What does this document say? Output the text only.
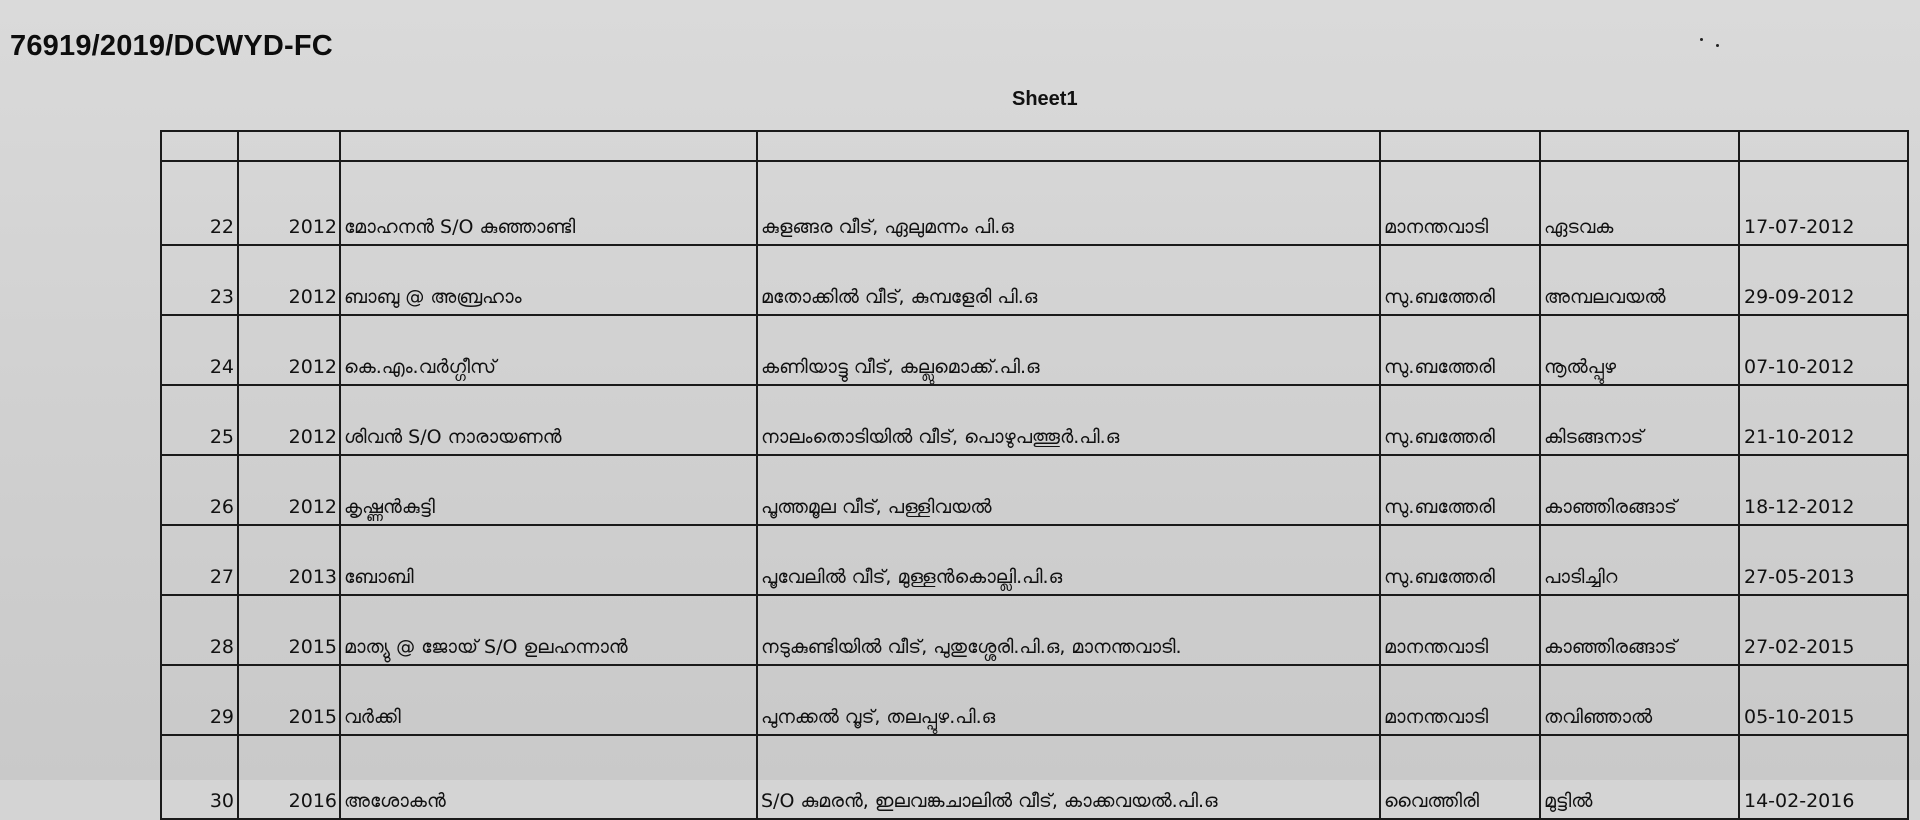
76919/2019/DCWYD-FC
Sheet1

22	2012	മോഹനൻ S/O കുഞ്ഞാണ്ടി	കുളങ്ങര വീട്, ഏലുമന്നം പി.ഒ	മാനന്തവാടി	ഏടവക	17-07-2012
23	2012	ബാബു @ അബ്രഹാം	മതോക്കിൽ വീട്, കുമ്പളേരി പി.ഒ	സു.ബത്തേരി	അമ്പലവയൽ	29-09-2012
24	2012	കെ.എം.വർഗ്ഗീസ്	കണിയാട്ടു വീട്, കല്ലുമൊക്ക്.പി.ഒ	സു.ബത്തേരി	നൂൽപ്പുഴ	07-10-2012
25	2012	ശിവൻ S/O നാരായണൻ	നാലംതൊടിയിൽ വീട്, പൊഴുപത്തൂർ.പി.ഒ	സു.ബത്തേരി	കിടങ്ങനാട്	21-10-2012
26	2012	കൃഷ്ണൻകുട്ടി	പൂത്തമൂല വീട്, പള്ളിവയൽ	സു.ബത്തേരി	കാഞ്ഞിരങ്ങാട്	18-12-2012
27	2013	ബോബി	പൂവേലിൽ വീട്, മുള്ളൻകൊല്ലി.പി.ഒ	സു.ബത്തേരി	പാടിച്ചിറ	27-05-2013
28	2015	മാത്യു @ ജോയ് S/O ഉലഹന്നാൻ	നടുകുണ്ടിയിൽ വീട്, പുതുശ്ശേരി.പി.ഒ, മാനന്തവാടി.	മാനന്തവാടി	കാഞ്ഞിരങ്ങാട്	27-02-2015
29	2015	വർക്കി	പുനക്കൽ വൂട്, തലപ്പുഴ.പി.ഒ	മാനന്തവാടി	തവിഞ്ഞാൽ	05-10-2015
30	2016	അശോകൻ	S/O കുമരൻ, ഇലവങ്കചാലിൽ വീട്, കാക്കവയൽ.പി.ഒ	വൈത്തിരി	മുട്ടിൽ	14-02-2016
